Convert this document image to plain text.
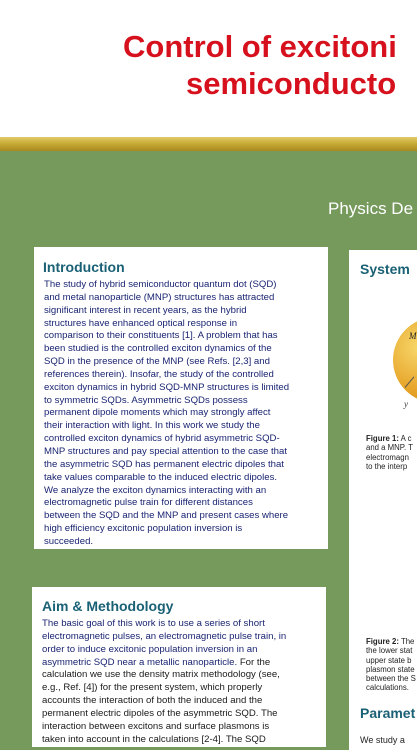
Control of excitoni
semiconducto
Physics De
Introduction
The study of hybrid semiconductor quantum dot (SQD)
and metal nanoparticle (MNP) structures has attracted
significant interest in recent years, as the hybrid
structures have enhanced optical response in
comparison to their constituents [1]. A problem that has
been studied is the controlled exciton dynamics of the
SQD in the presence of the MNP (see Refs. [2,3] and
references therein). Insofar, the study of the controlled
exciton dynamics in hybrid SQD-MNP structures is limited
to symmetric SQDs. Asymmetric SQDs possess
permanent dipole moments which may strongly affect
their interaction with light. In this work we study the
controlled exciton dynamics of hybrid asymmetric SQD-
MNP structures and pay special attention to the case that
the asymmetric SQD has permanent electric dipoles that
take values comparable to the induced electric dipoles.
We analyze the exciton dynamics interacting with an
electromagnetic pulse train for different distances
between the SQD and the MNP and present cases where
high efficiency excitonic population inversion is
succeeded.
Aim & Methodology
The basic goal of this work is to use a series of short
electromagnetic pulses, an electromagnetic pulse train, in
order to induce excitonic population inversion in an
asymmetric SQD near a metallic nanoparticle. For the
calculation we use the density matrix methodology (see,
e.g., Ref. [4]) for the present system, which properly
accounts the interaction of both the induced and the
permanent electric dipoles of the asymmetric SQD. The
interaction between excitons and surface plasmons is
taken into account in the calculations [2-4]. The SQD
System
M
y
Figure 1: A c
and a MNP. T
electromagn
to the interp
Figure 2: The
the lower stat
upper state b
plasmon state
between the S
calculations.
Paramet
We study a
